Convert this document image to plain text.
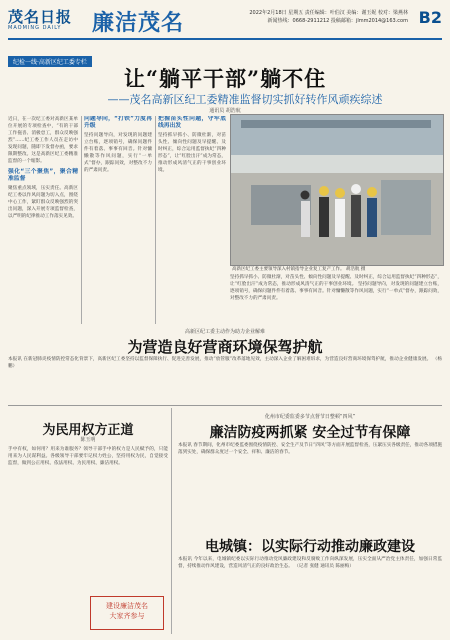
茂名日报
MAOMING DAILY 廉洁茂名	2022年2月18日 星期五 责任编辑：叶伯汉 美编：谢玉妮 校对：梁燕林
新闻热线：0668-2911212 投稿邮箱：jlmm2014@163.com B2
纪检一线·高新区纪工委专栏
让“躺平干部”躺不住
——茂名高新区纪工委精准监督切实抓好转作风顽疾综述
通讯员 胡浩航
近日，在一次纪工委对高新区某单位开展的专项检查中，“有的干部工作拖沓、消极怠工，群众反映强烈”……纪工委工作人员在走访中发现问题，随即下发督办函，要求限期整改。这是高新区纪工委精准监督的一个缩影。
强化“三个聚焦”，聚合精准监督
聚焦重点领域，压实责任。高新区纪工委以作风问题为切入点，围绕中心工作，紧盯群众反映强烈的突出问题，深入开展专项监督检查，以严明的纪律推动工作落实见效。
问题导向，“打铁”力度再升级
坚持问题导向，对发现的问题建立台账，逐项销号，确保问题件件有着落、事事有回音。针对慵懒散等作风问题，实行“一单式”督办，跟踪问效，对整改不力的严肃问责。
把握苗头性问题，守牢底线再出发
坚持抓早抓小、防微杜渐，对苗头性、倾向性问题及早提醒、及时纠正，综合运用监督执纪“四种形态”，让“红脸出汗”成为常态，推动形成风清气正的干事创业环境。
高新区纪工委主要领导深入村镇指导企业复工复产工作。 胡浩航 摄
坚持抓早抓小、防微杜渐，对苗头性、倾向性问题及早提醒、及时纠正，综合运用监督执纪“四种形态”，让“红脸出汗”成为常态，推动形成风清气正的干事创业环境。 坚持问题导向，对发现的问题建立台账，逐项销号，确保问题件件有着落、事事有回音。针对慵懒散等作风问题，实行“一单式”督办，跟踪问效，对整改不力的严肃问责。
高新区纪工委主动作为助力企业解难
为营造良好营商环境保驾护航
本报讯 在新冠肺炎疫情防控常态化背景下，高新区纪工委坚持以监督保障执行、促进完善发展，推动“放管服”改革落地见效，主动深入企业了解困难诉求，为营造良好营商环境保驾护航，推动企业健康发展。 （杨鹏）
为民用权方正道
陈玉明
手中有权，如何用？用来为谁服务？领导干部手中的权力是人民赋予的，只能用来为人民谋利益。各级领导干部要牢记权力姓公，坚持用权为民，自觉接受监督，做到公正用权、依法用权、为民用权、廉洁用权。
建设廉洁茂名
大家齐参与
化州市纪委监委多节点督节日整顿“四风”
廉洁防疫两抓紧 安全过节有保障
本报讯 春节期间，化州市纪委监委围绕疫情防控、安全生产及节日“四风”等方面开展监督检查，压紧压实各级责任，推动各项措施落到实处，确保群众度过一个安全、祥和、廉洁的春节。
电城镇：以实际行动推动廉政建设
本报讯 今年以来，电城镇纪委以实际行动推动党风廉政建设和反腐败工作向纵深发展，压实全面从严治党主体责任，加强日常监督，持续推动作风建设，营造风清气正的良好政治生态。 （记者 张健 通讯员 陈丽梅）
